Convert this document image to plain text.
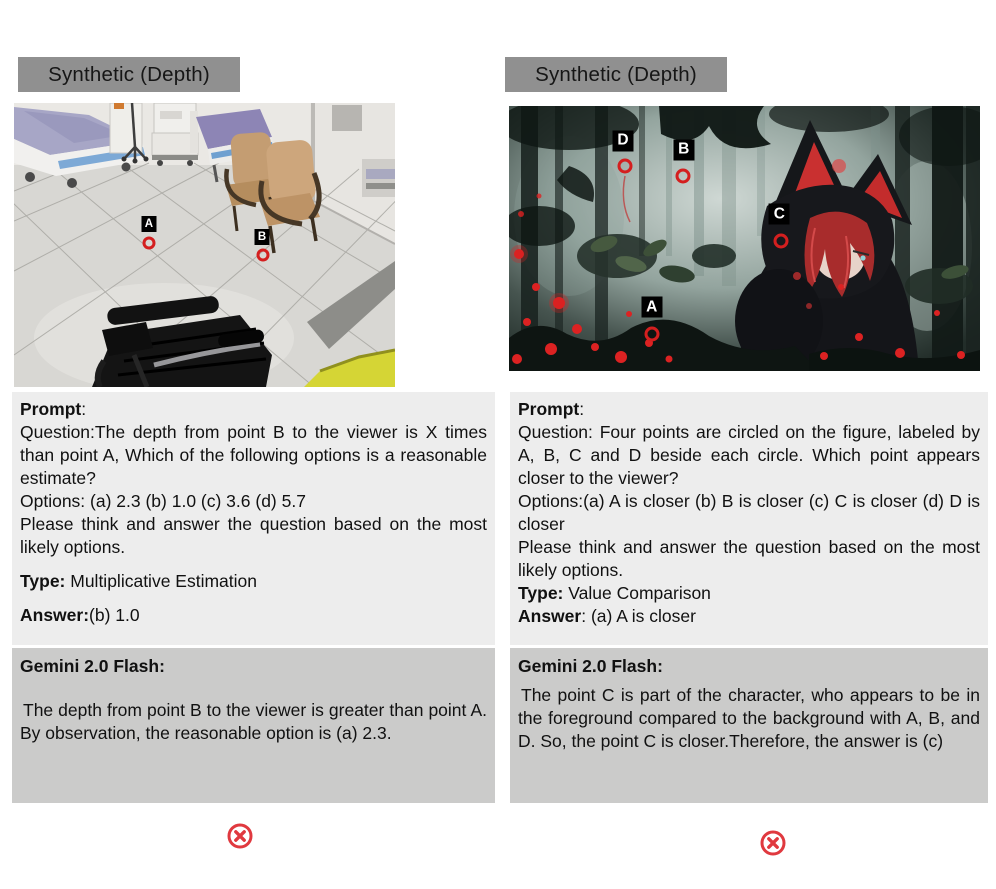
Synthetic (Depth)
A
B
Prompt:
Question:The depth from point B to the viewer is X times than point A, Which of the following options is a reasonable estimate?
Options: (a) 2.3 (b) 1.0 (c) 3.6 (d) 5.7
Please think and answer the question based on the most likely options.
Type: Multiplicative Estimation
Answer:(b) 1.0
Gemini 2.0 Flash:
The depth from point B to the viewer is greater than point A. By observation, the reasonable option is (a) 2.3.
Synthetic (Depth)
D
B
C
A
Prompt:
Question: Four points are circled on the figure, labeled by A, B, C and D beside each circle. Which point appears closer to the viewer?
Options:(a) A is closer (b) B is closer (c) C is closer (d) D is closer
Please think and answer the question based on the most likely options.
Type: Value Comparison
Answer: (a) A is closer
Gemini 2.0 Flash:
The point C is part of the character, who appears to be in the foreground compared to the background with A, B, and D. So, the point C is closer.Therefore, the answer is (c)
